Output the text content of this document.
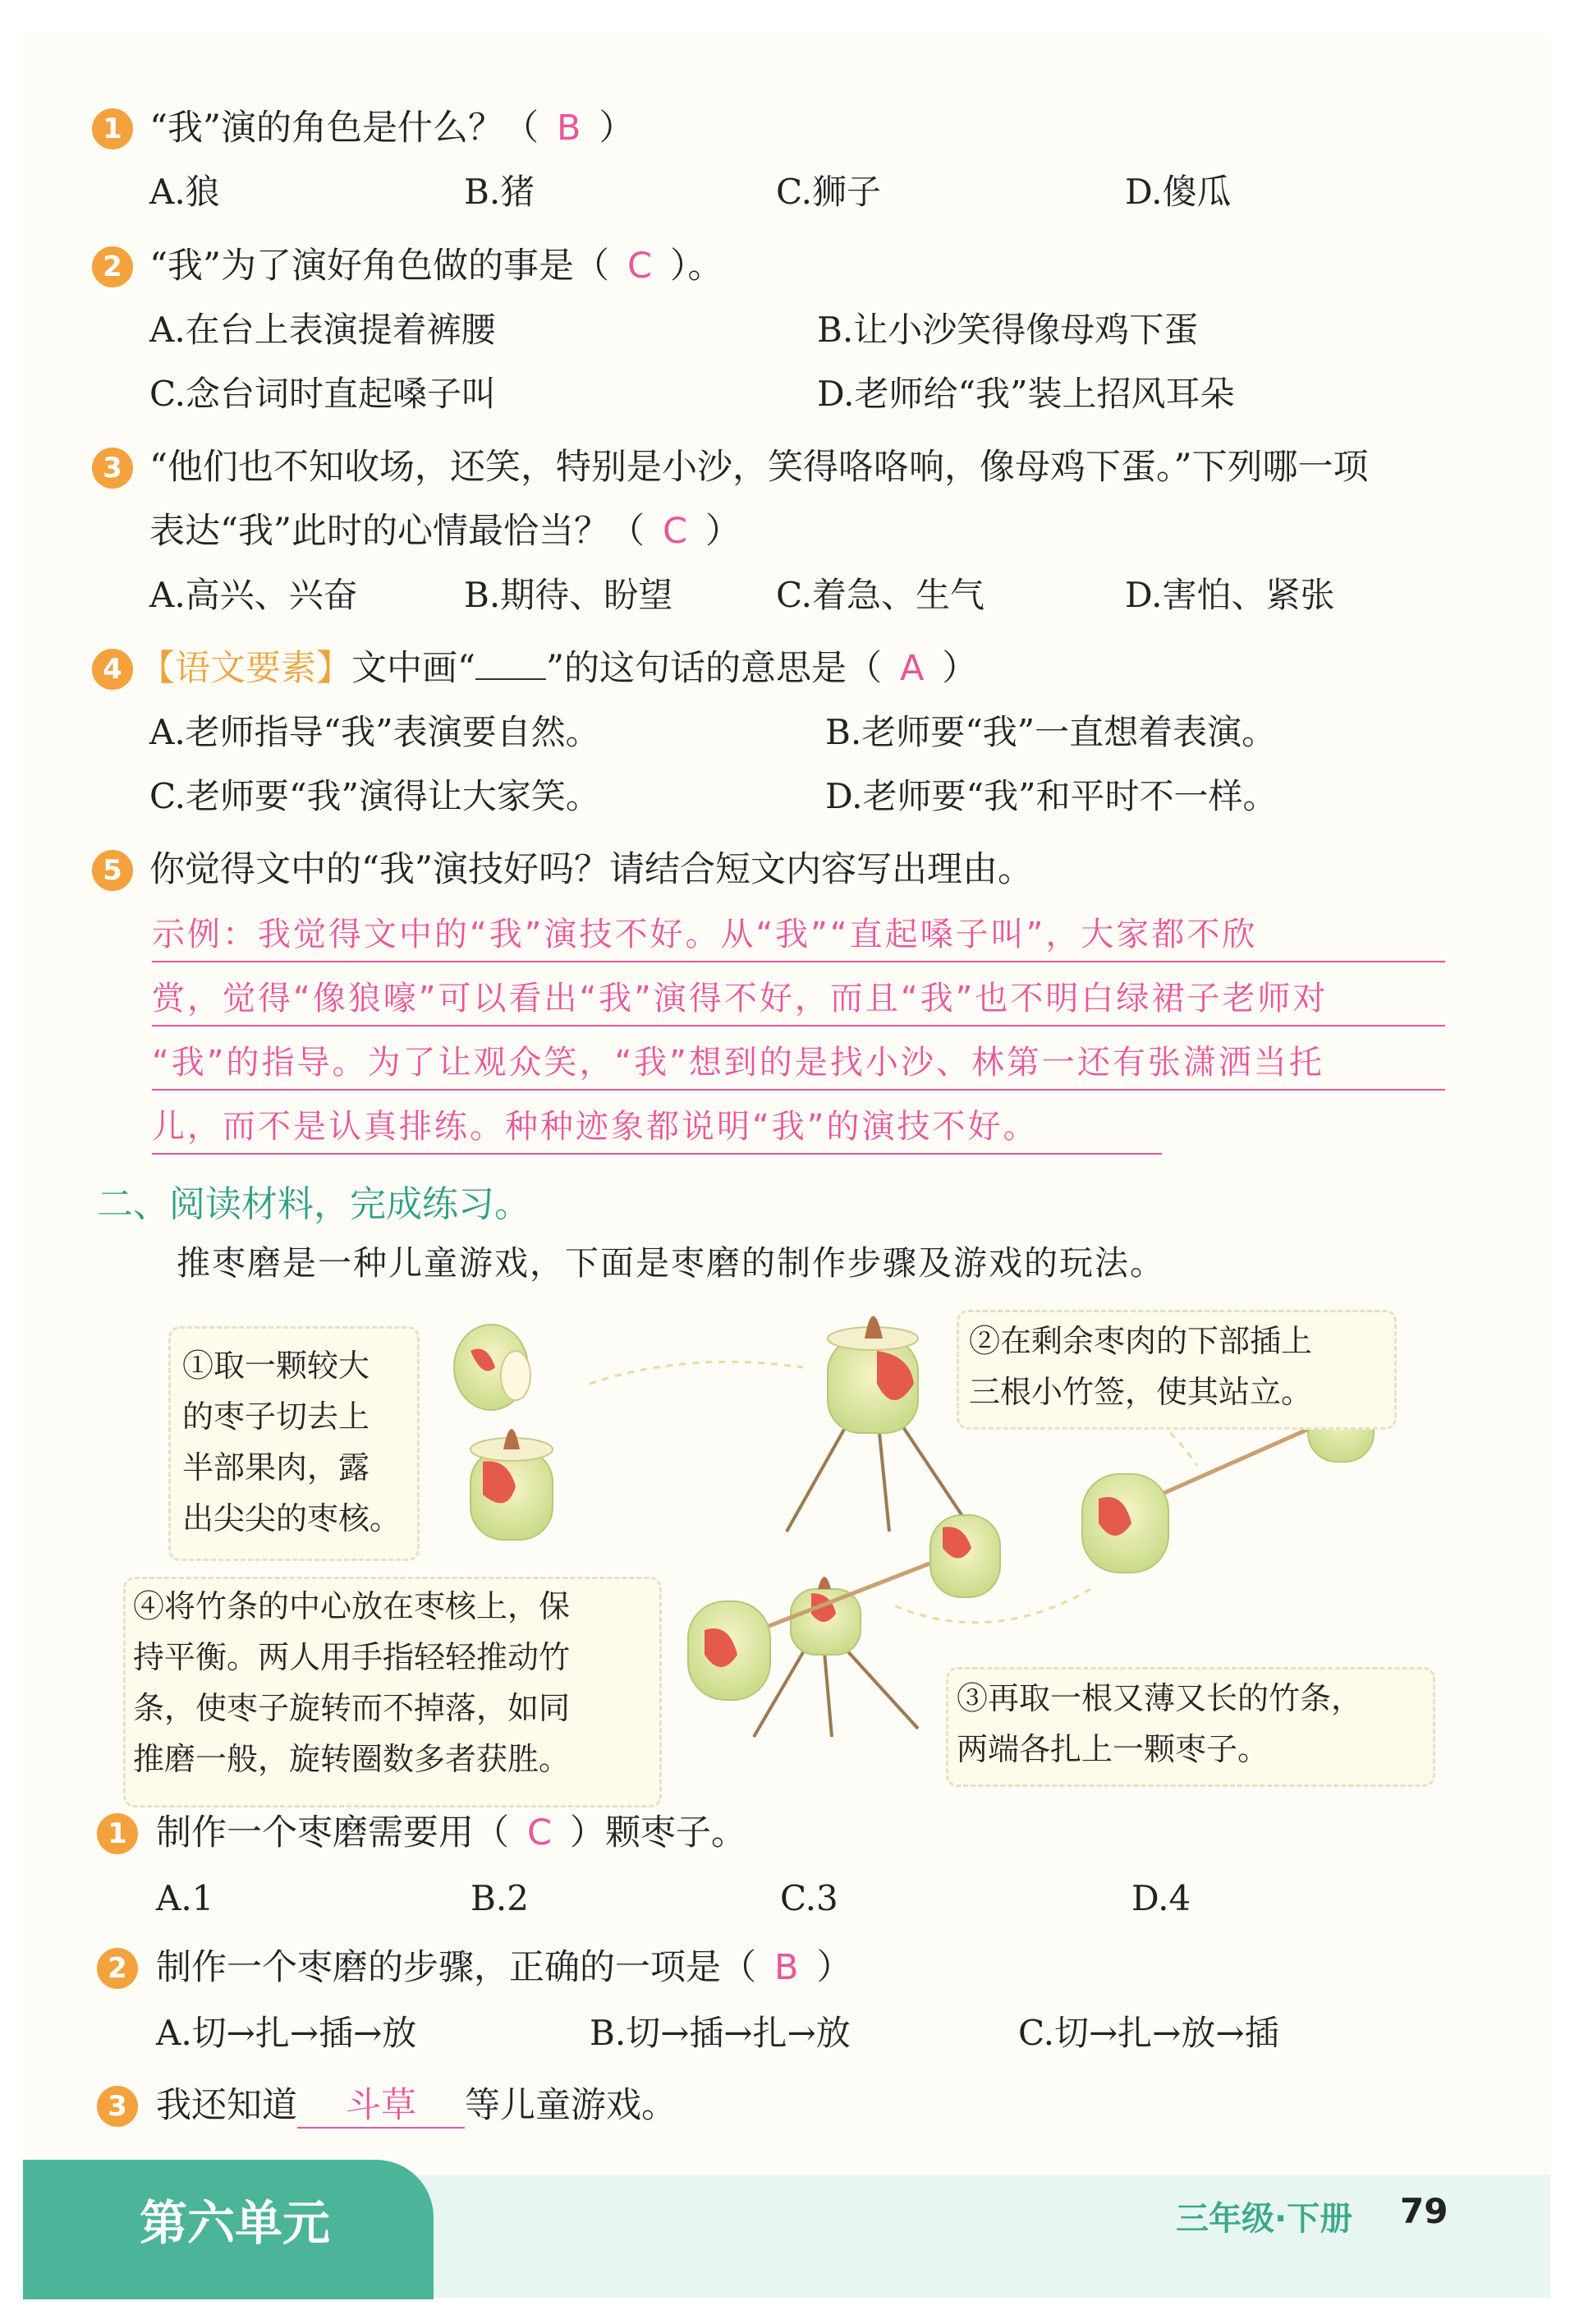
1 “我”演的角色是什么？（ B ）
A.狼	B.猪	C.狮子	D.傻瓜
2 “我”为了演好角色做的事是（ C ）。
A.在台上表演提着裤腰	B.让小沙笑得像母鸡下蛋
C.念台词时直起嗓子叫	D.老师给“我”装上招风耳朵
3 “他们也不知收场，还笑，特别是小沙，笑得咯咯响，像母鸡下蛋。”下列哪一项
表达“我”此时的心情最恰当？（ C ）
A.高兴、兴奋	B.期待、盼望	C.着急、生气	D.害怕、紧张
4 【语文要素】文中画“ ”的这句话的意思是（ A ）
A.老师指导“我”表演要自然。	B.老师要“我”一直想着表演。
C.老师要“我”演得让大家笑。	D.老师要“我”和平时不一样。
5 你觉得文中的“我”演技好吗？请结合短文内容写出理由。
示例：我觉得文中的“我”演技不好。从“我”“直起嗓子叫”，大家都不欣
赏，觉得“像狼嚎”可以看出“我”演得不好，而且“我”也不明白绿裙子老师对
“我”的指导。为了让观众笑，“我”想到的是找小沙、林第一还有张潇洒当托
儿，而不是认真排练。种种迹象都说明“我”的演技不好。
二、阅读材料，完成练习。
推枣磨是一种儿童游戏，下面是枣磨的制作步骤及游戏的玩法。
①取一颗较大
的枣子切去上
半部果肉，露
出尖尖的枣核。
②在剩余枣肉的下部插上
三根小竹签，使其站立。
③再取一根又薄又长的竹条，
两端各扎上一颗枣子。
④将竹条的中心放在枣核上，保
持平衡。两人用手指轻轻推动竹
条，使枣子旋转而不掉落，如同
推磨一般，旋转圈数多者获胜。
1 制作一个枣磨需要用（ C ）颗枣子。
A.1	B.2	C.3	D.4
2 制作一个枣磨的步骤，正确的一项是（ B ）
A.切→扎→插→放	B.切→插→扎→放	C.切→扎→放→插
3 我还知道 斗草 等儿童游戏。
第六单元	三年级·下册 79
